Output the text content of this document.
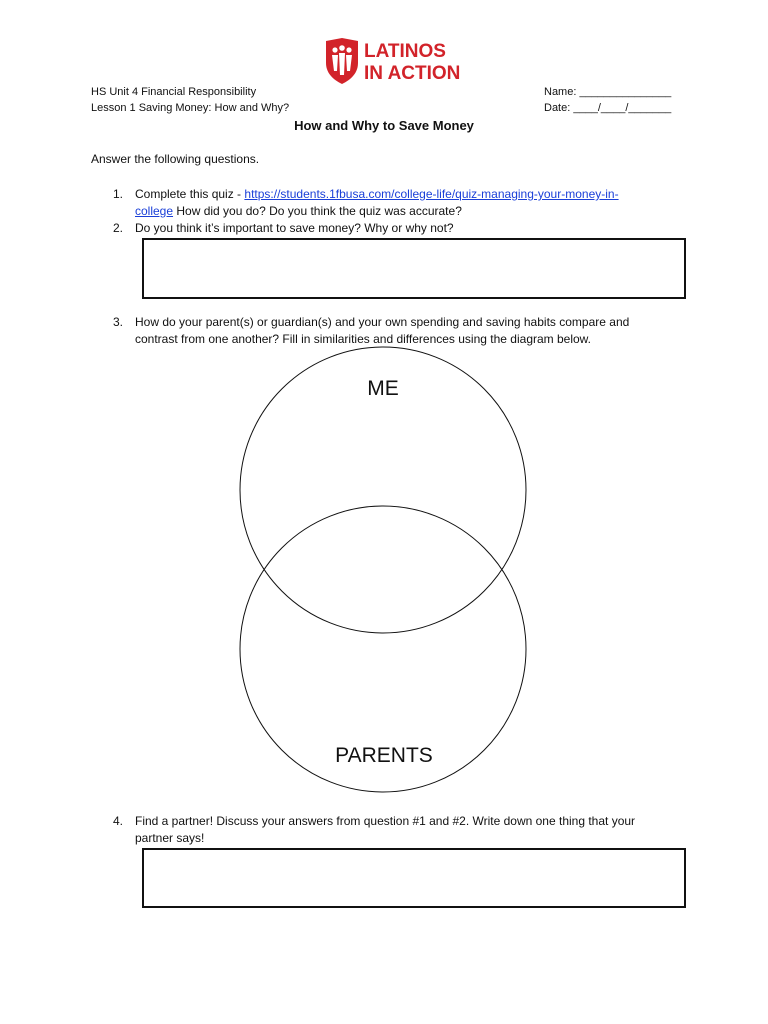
LATINOS
IN ACTION
HS Unit 4 Financial Responsibility
Lesson 1 Saving Money: How and Why?
Name: _______________
Date: ____/____/_______
How and Why to Save Money
Answer the following questions.
1. Complete this quiz - https://students.1fbusa.com/college-life/quiz-managing-your-money-in-
college How did you do? Do you think the quiz was accurate?
2. Do you think it’s important to save money? Why or why not?
3. How do your parent(s) or guardian(s) and your own spending and saving habits compare and
contrast from one another? Fill in similarities and differences using the diagram below.
ME
PARENTS
4. Find a partner! Discuss your answers from question #1 and #2. Write down one thing that your
partner says!
